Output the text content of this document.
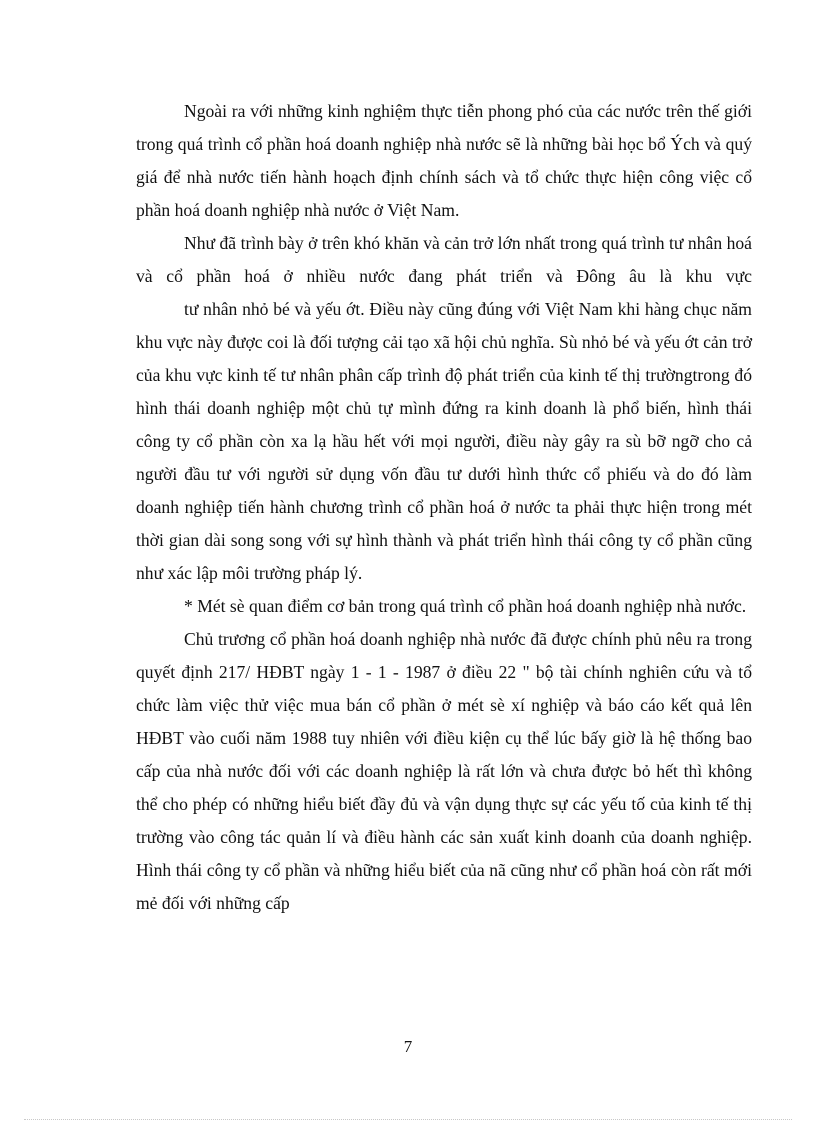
Ngoài ra với những kinh nghiệm thực tiễn phong phó của các nước trên thế giới trong quá trình cổ phần hoá doanh nghiệp nhà nước sẽ là những bài học bổ Ých và quý giá để nhà nước tiến hành hoạch định chính sách và tổ chức thực hiện công việc cổ phần hoá doanh nghiệp nhà nước ở Việt Nam.

Như đã trình bày ở trên khó khăn và cản trở lớn nhất trong quá trình tư nhân hoá và cổ phần hoá ở nhiều nước đang phát triển và Đông âu là khu vực

tư nhân nhỏ bé và yếu ớt. Điều này cũng đúng với Việt Nam khi hàng chục năm khu vực này được coi là đối tượng cải tạo xã hội chủ nghĩa. Sù nhỏ bé và yếu ớt cản trở của khu vực kinh tế tư nhân phân cấp trình độ phát triển của kinh tế thị trườngtrong đó hình thái doanh nghiệp một chủ tự mình đứng ra kinh doanh là phổ biến, hình thái công ty cổ phần còn xa lạ hầu hết với mọi người, điều này gây ra sù bỡ ngỡ cho cả người đầu tư với người sử dụng vốn đầu tư dưới hình thức cổ phiếu và do đó làm doanh nghiệp tiến hành chương trình cổ phần hoá ở nước ta phải thực hiện trong mét thời gian dài song song với sự hình thành và phát triển hình thái công ty cổ phần cũng như xác lập môi trường pháp lý.

* Mét sè quan điểm cơ bản trong quá trình cổ phần hoá doanh nghiệp nhà nước.

Chủ trương cổ phần hoá doanh nghiệp nhà nước đã được chính phủ nêu ra trong quyết định 217/ HĐBT ngày 1 - 1 - 1987 ở điều 22 " bộ tài chính nghiên cứu và tổ chức làm việc thử việc mua bán cổ phần ở mét sè xí nghiệp và báo cáo kết quả lên HĐBT vào cuối năm 1988 tuy nhiên với điều kiện cụ thể lúc bấy giờ là hệ thống bao cấp của nhà nước đối với các doanh nghiệp là rất lớn và chưa được bỏ hết thì không thể cho phép có những hiểu biết đầy đủ và vận dụng thực sự các yếu tố của kinh tế thị trường vào công tác quản lí và điều hành các sản xuất kinh doanh của doanh nghiệp. Hình thái công ty cổ phần và những hiểu biết của nã cũng như cổ phần hoá còn rất mới mẻ đối với những cấp

7
